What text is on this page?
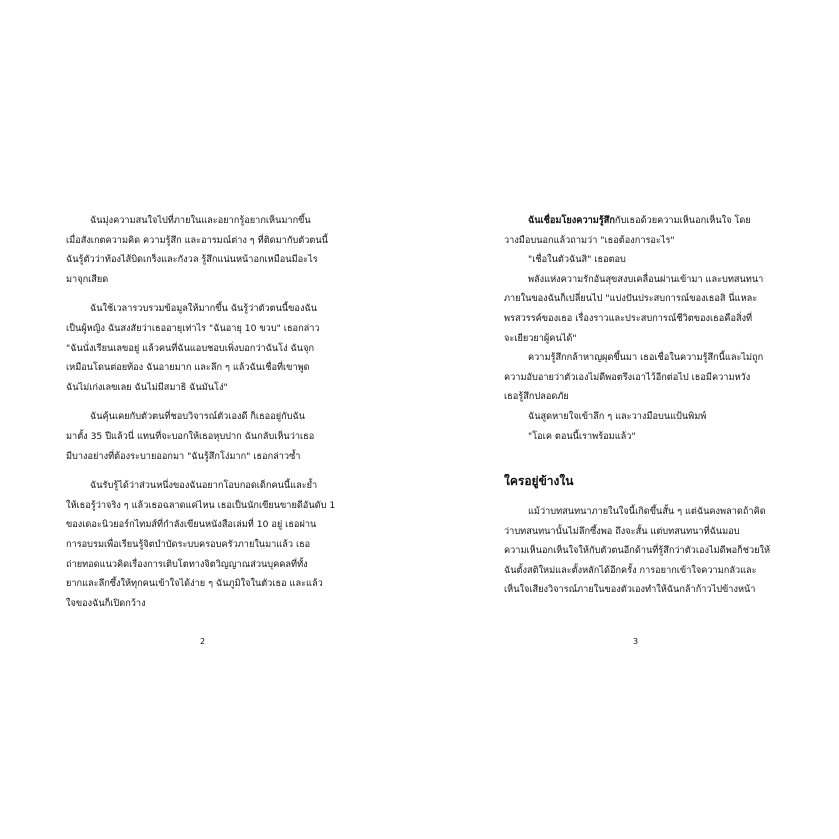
ฉันมุ่งความสนใจไปที่ภายในและอยากรู้อยากเห็นมากขึ้น
เมื่อสังเกตความคิด ความรู้สึก และอารมณ์ต่าง ๆ ที่ติดมากับตัวตนนี้
ฉันรู้ตัวว่าท้องไส้บิดเกร็งและกังวล รู้สึกแน่นหน้าอกเหมือนมีอะไร
มาจุกเสียด
ฉันใช้เวลารวบรวมข้อมูลให้มากขึ้น ฉันรู้ว่าตัวตนนี้ของฉัน
เป็นผู้หญิง ฉันสงสัยว่าเธออายุเท่าไร "ฉันอายุ 10 ขวบ" เธอกล่าว
"ฉันนั่งเรียนเลขอยู่ แล้วคนที่ฉันแอบชอบเพิ่งบอกว่าฉันโง่ ฉันจุก
เหมือนโดนต่อยท้อง ฉันอายมาก และลึก ๆ แล้วฉันเชื่อที่เขาพูด
ฉันไม่เก่งเลขเลย ฉันไม่มีสมาธิ ฉันมันโง่"
ฉันคุ้นเคยกับตัวตนที่ชอบวิจารณ์ตัวเองดี ก็เธออยู่กับฉัน
มาตั้ง 35 ปีแล้วนี่ แทนที่จะบอกให้เธอหุบปาก ฉันกลับเห็นว่าเธอ
มีบางอย่างที่ต้องระบายออกมา "ฉันรู้สึกโง่มาก" เธอกล่าวซ้ำ
ฉันรับรู้ได้ว่าส่วนหนึ่งของฉันอยากโอบกอดเด็กคนนี้และย้ำ
ให้เธอรู้ว่าจริง ๆ แล้วเธอฉลาดแค่ไหน เธอเป็นนักเขียนขายดีอันดับ 1
ของเดอะนิวยอร์กไทมส์ที่กำลังเขียนหนังสือเล่มที่ 10 อยู่ เธอผ่าน
การอบรมเพื่อเรียนรู้จิตบำบัดระบบครอบครัวภายในมาแล้ว เธอ
ถ่ายทอดแนวคิดเรื่องการเติบโตทางจิตวิญญาณส่วนบุคคลที่ทั้ง
ยากและลึกซึ้งให้ทุกคนเข้าใจได้ง่าย ๆ ฉันภูมิใจในตัวเธอ และแล้ว
ใจของฉันก็เปิดกว้าง
2
ฉันเชื่อมโยงความรู้สึกกับเธอด้วยความเห็นอกเห็นใจ โดย
วางมือบนอกแล้วถามว่า "เธอต้องการอะไร"
"เชื่อในตัวฉันสิ" เธอตอบ
พลังแห่งความรักอันสุขสงบเคลื่อนผ่านเข้ามา และบทสนทนา
ภายในของฉันก็เปลี่ยนไป "แบ่งปันประสบการณ์ของเธอสิ นี่แหละ
พรสวรรค์ของเธอ เรื่องราวและประสบการณ์ชีวิตของเธอคือสิ่งที่
จะเยียวยาผู้คนได้"
ความรู้สึกกล้าหาญผุดขึ้นมา เธอเชื่อในความรู้สึกนี้และไม่ถูก
ความอับอายว่าตัวเองไม่ดีพอตรึงเอาไว้อีกต่อไป เธอมีความหวัง
เธอรู้สึกปลอดภัย
ฉันสูดหายใจเข้าลึก ๆ และวางมือบนแป้นพิมพ์
"โอเค ตอนนี้เราพร้อมแล้ว"
ใครอยู่ข้างใน
แม้ว่าบทสนทนาภายในใจนี้เกิดขึ้นสั้น ๆ แต่ฉันคงพลาดถ้าคิด
ว่าบทสนทนานั้นไม่ลึกซึ้งพอ ถึงจะสั้น แต่บทสนทนาที่ฉันมอบ
ความเห็นอกเห็นใจให้กับตัวตนอีกด้านที่รู้สึกว่าตัวเองไม่ดีพอก็ช่วยให้
ฉันตั้งสติใหม่และตั้งหลักได้อีกครั้ง การอยากเข้าใจความกลัวและ
เห็นใจเสียงวิจารณ์ภายในของตัวเองทำให้ฉันกล้าก้าวไปข้างหน้า
3
